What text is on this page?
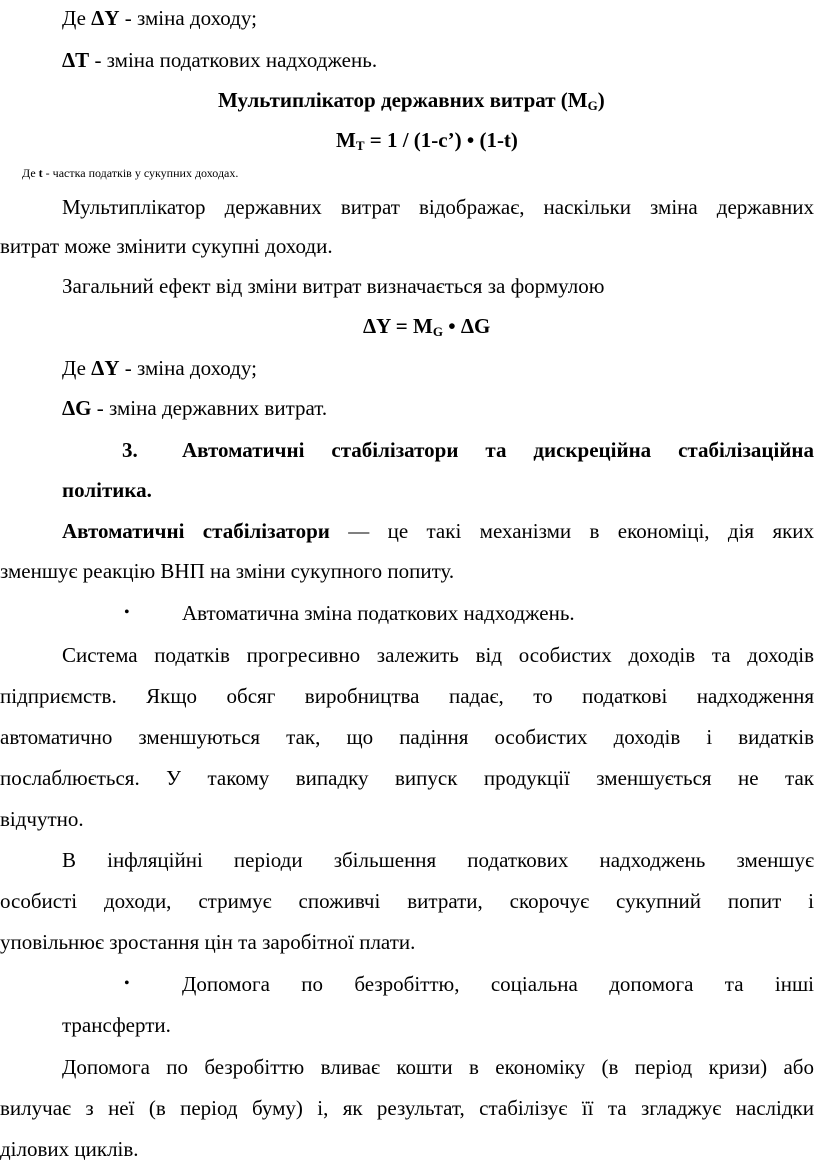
Де ΔY - зміна доходу;
ΔT - зміна податкових надходжень.
Мультиплікатор державних витрат $(M_G)$
$M_T = 1$ / (1-c’) • (1-t)
Де t - частка податків у сукупних доходах.
Мультиплікатор державних витрат відображає, наскільки зміна державних
витрат може змінити сукупні доходи.
Загальний ефект від зміни витрат визначається за формулою
$\Delta Y = M_G$ • ΔG
Де ΔY - зміна доходу;
ΔG - зміна державних витрат.
3. Автоматичні стабілізатори та дискреційна стабілізаційна
політика.
Автоматичні стабілізатори — це такі механізми в економіці, дія яких
зменшує реакцію ВНП на зміни сукупного попиту.
• Автоматична зміна податкових надходжень.
Система податків прогресивно залежить від особистих доходів та доходів
підприємств. Якщо обсяг виробництва падає, то податкові надходження
автоматично зменшуються так, що падіння особистих доходів і видатків
послаблюється. У такому випадку випуск продукції зменшується не так
відчутно.
В інфляційні періоди збільшення податкових надходжень зменшує
особисті доходи, стримує споживчі витрати, скорочує сукупний попит і
уповільнює зростання цін та заробітної плати.
• Допомога по безробіттю, соціальна допомога та інші
трансферти.
Допомога по безробіттю вливає кошти в економіку (в період кризи) або
вилучає з неї (в період буму) і, як результат, стабілізує її та згладжує наслідки
ділових циклів.
